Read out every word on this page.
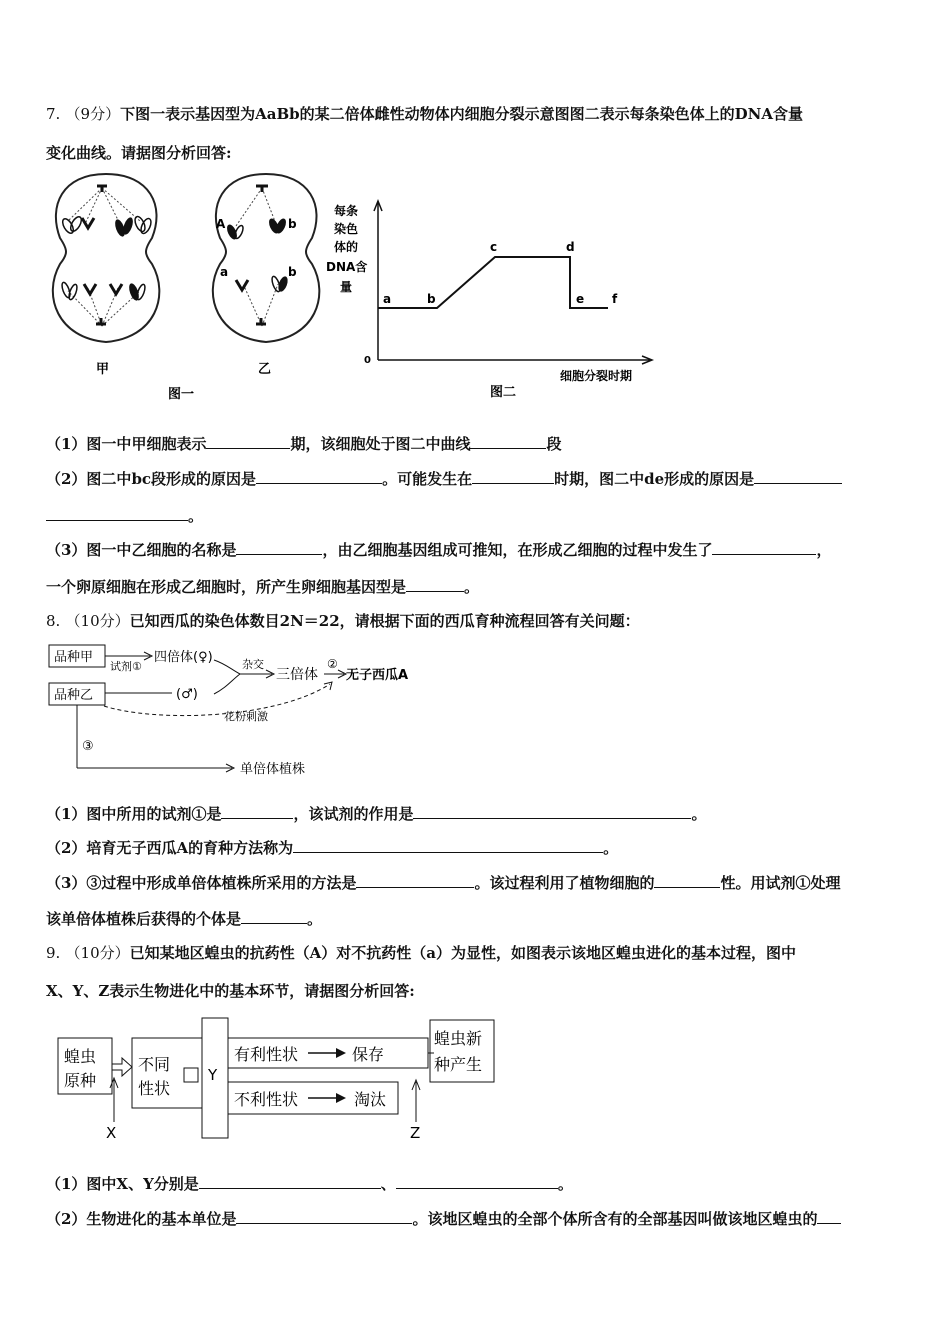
7. （9分）下图一表示基因型为AaBb的某二倍体雌性动物体内细胞分裂示意图图二表示每条染色体上的DNA含量
变化曲线。请据图分析回答:
甲
A	b
a	b
乙
图一
每条
染色
体的
DNA含
量
0
a	b
c	d
e f
细胞分裂时期
图二
（1）图一中甲细胞表示	期，该细胞处于图二中曲线	段
（2）图二中bc段形成的原因是	。可能发生在	时期，图二中de形成的原因是
。
（3）图一中乙细胞的名称是	，由乙细胞基因组成可推知，在形成乙细胞的过程中发生了	，
一个卵原细胞在形成乙细胞时，所产生卵细胞基因型是	。
8. （10分）已知西瓜的染色体数目2N＝22，请根据下面的西瓜育种流程回答有关问题：
品种甲
品种乙
试剂①
四倍体(♀)
(♂)
杂交
三倍体
②
无子西瓜A
花粉刺激
③
单倍体植株
（1）图中所用的试剂①是	，该试剂的作用是	。
（2）培育无子西瓜A的育种方法称为	。
（3）③过程中形成单倍体植株所采用的方法是	。该过程利用了植物细胞的	性。用试剂①处理
该单倍体植株后获得的个体是	。
9. （10分）已知某地区蝗虫的抗药性（A）对不抗药性（a）为显性，如图表示该地区蝗虫进化的基本过程，图中
X、Y、Z表示生物进化中的基本环节，请据图分析回答:
蝗虫
原种
不同
性状
Y
有利性状	保存
不利性状	淘汰
蝗虫新
种产生
X	Z
（1）图中X、Y分别是	、	。
（2）生物进化的基本单位是	。该地区蝗虫的全部个体所含有的全部基因叫做该地区蝗虫的
